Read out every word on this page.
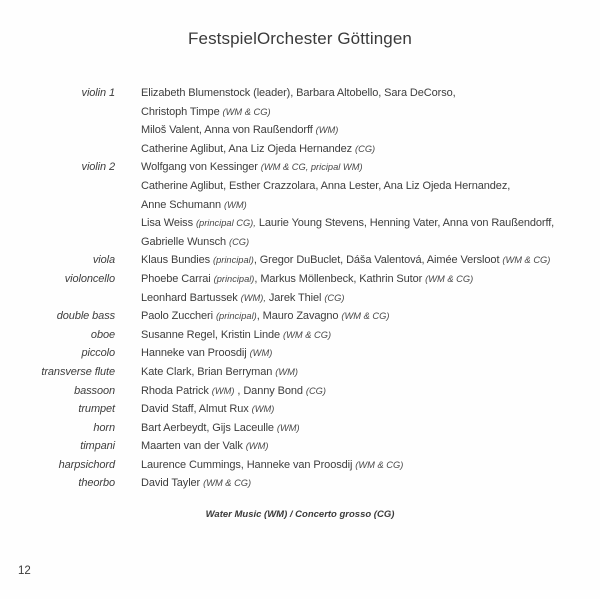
FestspielOrchester Göttingen
violin 1 Elizabeth Blumenstock (leader), Barbara Altobello, Sara DeCorso,
Christoph Timpe (WM & CG)
Miloš Valent, Anna von Raußendorff (WM)
Catherine Aglibut, Ana Liz Ojeda Hernandez (CG)
violin 2 Wolfgang von Kessinger (WM & CG, pricipal WM)
Catherine Aglibut, Esther Crazzolara, Anna Lester, Ana Liz Ojeda Hernandez,
Anne Schumann (WM)
Lisa Weiss (principal CG), Laurie Young Stevens, Henning Vater, Anna von Raußendorff,
Gabrielle Wunsch (CG)
viola Klaus Bundies (principal), Gregor DuBuclet, Dáša Valentová, Aimée Versloot (WM & CG)
violoncello Phoebe Carrai (principal), Markus Möllenbeck, Kathrin Sutor (WM & CG)
Leonhard Bartussek (WM), Jarek Thiel (CG)
double bass Paolo Zuccheri (principal), Mauro Zavagno (WM & CG)
oboe Susanne Regel, Kristin Linde (WM & CG)
piccolo Hanneke van Proosdij (WM)
transverse flute Kate Clark, Brian Berryman (WM)
bassoon Rhoda Patrick (WM) , Danny Bond (CG)
trumpet David Staff, Almut Rux (WM)
horn Bart Aerbeydt, Gijs Laceulle (WM)
timpani Maarten van der Valk (WM)
harpsichord Laurence Cummings, Hanneke van Proosdij (WM & CG)
theorbo David Tayler (WM & CG)
Water Music (WM) / Concerto grosso (CG)
12
